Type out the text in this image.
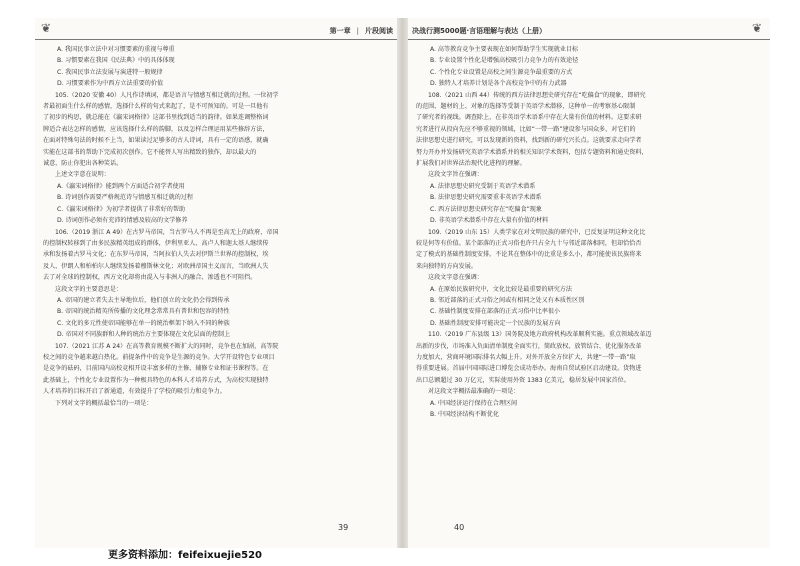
❦	第一章 | 片段阅读

A. 我国民事立法中对习惯要素的重视与尊重

B. 习惯要素在我国《民法典》中的具体体现

C. 我国民事立法发展与演进特一般规律

D. 习惯要素作为中西方立法重要的价值

105.（2020 安徽 40）人凡作诗填词，都是语言与情感互相迁就的过程。一位初学

者最初面生什么样的感情，选择什么样的句式来起了，是不可预知的。可是一旦他有

了初步的构思，就总能在《瀛宋词格律》这部书里找到适当的韵律。如果连调整格词

牌适合表达怎样的感情，应该选择什么样的韵脚，以及怎样合理运用某些修辞方法，

在面对特殊句法的时候不上当，如果读过足够多的古人诗词，具有一定的语感，就确

实能在这部书的帮助下完成初次创作。它不能替人写出精致的独作，却以最大的

诚意，防止你犯出各种笑话。

上述文字意在说明：

A.《瀛宋词格律》能到两个方面适合初学者使用

B. 诗词创作需要严格规范诗与情感互相迁就的过程

C.《瀛宋词格律》为初学者提供了非常好的帮助

D. 诗词创作必须有充沛的情感及较高的文学修养

106.（2019 浙江 A 49）在古罗马帝国，当古罗马人不再是至高无上的政府，帝国

的控制权转移到了由多民族精英组成的群体，伊利里亚人、高卢人和迦太基人继续传

承和发扬着古罗马文化；在东罗马帝国，当阿拉伯人失去对伊斯兰世界的控制权，埃

及人、伊朗人和柏柏尔人继续发扬着穆斯林文化；对欧洲帝国主义而言，当欧洲人失

去了对全球的控制权，西方文化却将由混入与非洲人的融合、渗透也不可阻挡。

这段文字的主要意思是：

A. 帝国的建立者失去主导地位后，他们创立的文化仍会得到传承

B. 帝国的统治精英所传播的文化理念常常具有普世和包容的特性

C. 文化的多元性使帝国能够在单一的统治框架下纳入不同的种族

D. 帝国对不同族群和人种的统治方主要体现在文化层面的控制上

107.（2021 江苏 A 24）在高等教育规模不断扩大的同时，竞争也在加剧，高等院

校之间的竞争越来越白热化。前提条件中的竞争是生源的竞争。大学开设特色专业项目

是竞争的砝码，目前国内高校竞相开设丰富多样的主修、辅修专业和证书课程等。在

此基础上，个性化专业设置作为一种极具特色的本科人才培养方式，为高校实现独特

人才培养的目标开启了新通道，有效提升了学校的吸引力和竞争力。

下列对文字的概括最恰当的一项是：

39
决战行测5000题·言语理解与表达（上册）	❦

A. 高等教育竞争主要表现在如何帮助学生实现就业目标

B. 专业设置个性化是增强高校吸引力竞争力的有效途径

C. 个性化专业设置是高校之间生源竞争最重要的方式

D. 独特人才培养计划是各个高校竞争中的有力武器

108.（2021 山西 44）传统的西方法律思想史研究存在“吃偏食”的现象，即研究

的范围、题材的上、对象的选择等受制于英语学术潜移，这种单一的考察基心限制

了研究者的视线。调查除上，在非英语学术语系中存在大量有价值的材料。这要求研

究者进行从投向先应不够重视的领域，比如“一带一路”建设参与国众多，对它们的

法律思想史进行研究，可以发现新的资料，找到新的研究兴长点。这就要求走向学者

努力开办并发扬研究英语学术潜系并的相关知识学术资料，包括专题资料和通史资料，

扩展我们对世界法治现代化进程的理解。

这段文字旨在强调：

A. 法律思想史研究受制于英语学术潜系

B. 法律思想史研究需要重非英语学术潜系

C. 西方法律思想史研究存在“吃偏食”现象

D. 非英语学术潜系中存在大量有价值的材料

109.（2019 山东 15）人类学家在对文明民族的研究中，已反复证明这种文化比

较是何等有价值。某个部落的正式习俗也许只占全九十与邻近部落相同，但却恰恰否

定了模式的基础性制度安排。不论其在整体中的比重是多么小，都可能使该民族将来

来向独特的方向发展。

这段文字意在强调：

A. 在原始民族研究中，文化比较是最重要的研究方法

B. 邻近部落的正式习俗之间或有相同之处又有本质性区别

C. 基础性制度安排在部落的正式习俗中比率很小

D. 基础性制度安排可能决定一个民族的发展方向

110.（2019 广东县级 13）国务院及地方政府机构改革顺利实施。重点领域改革迈

出新的步伐，市场准入负面清单制度全面实行，简政放权、放管结合、优化服务改革

力度加大，营商环境国际排名大幅上升。对外开放全方位扩大，共建“一带一路”取

得重要进展。首届中国国际进口博览会成功举办。海南自贸试验区启动建设。货物进

出口总额超过 30 万亿元，实际使用外资 1383 亿美元，稳居发展中国家首位。

对这段文字概括最准确的一项是：

A. 中国经济运行保持在合理区间

B. 中国经济结构不断优化

40
更多资料添加：feifeixuejie520
